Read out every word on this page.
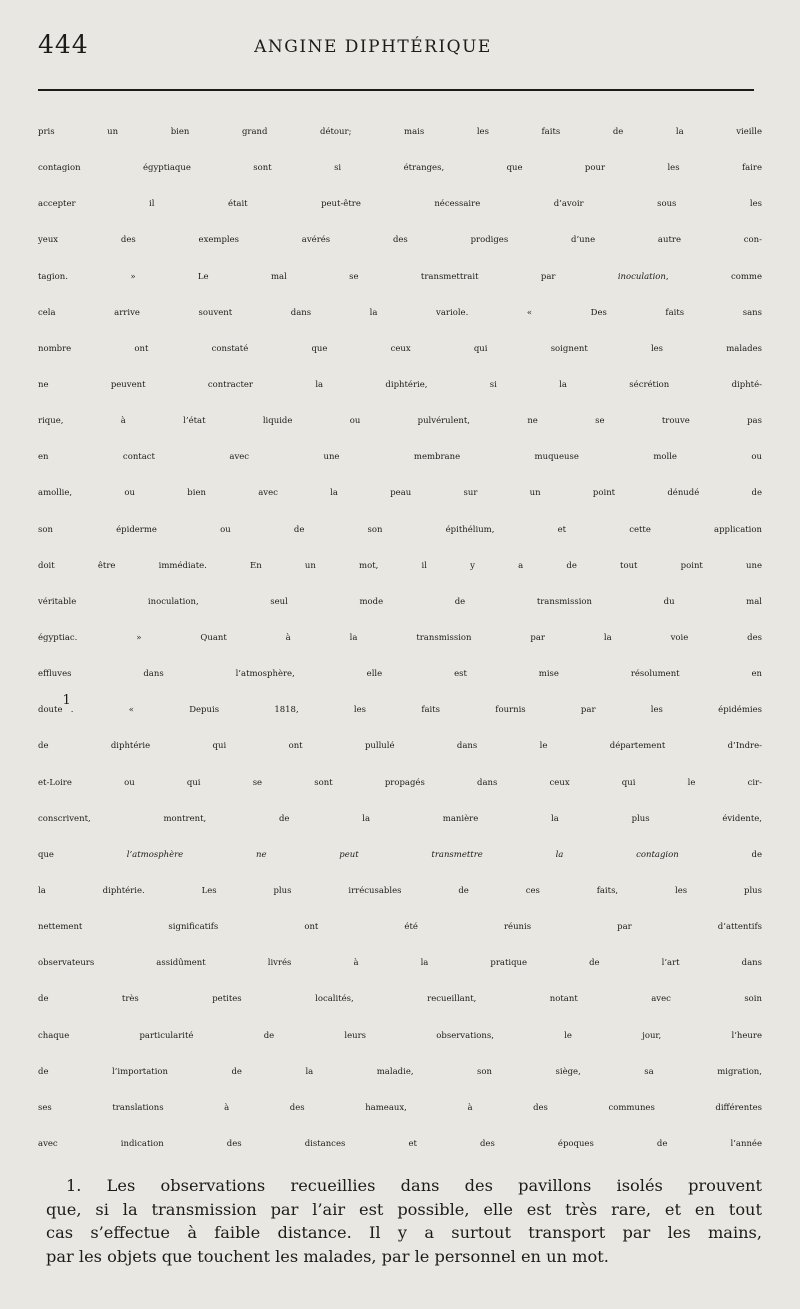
444	ANGINE DIPHTÉRIQUE
pris un bien grand détour; mais les faits de la vieille
contagion égyptiaque sont si étranges, que pour les faire
accepter il était peut-être nécessaire d’avoir sous les
yeux des exemples avérés des prodiges d’une autre con-
tagion. » Le mal se transmettrait par inoculation, comme
cela arrive souvent dans la variole. « Des faits sans
nombre ont constaté que ceux qui soignent les malades
ne peuvent contracter la diphtérie, si la sécrétion diphté-
rique, à l’état liquide ou pulvérulent, ne se trouve pas
en contact avec une membrane muqueuse molle ou
amollie, ou bien avec la peau sur un point dénudé de
son épiderme ou de son épithélium, et cette application
doit être immédiate. En un mot, il y a de tout point une
véritable inoculation, seul mode de transmission du mal
égyptiac. » Quant à la transmission par la voie des
effluves dans l’atmosphère, elle est mise résolument en
doute$^1$. « Depuis 1818, les faits fournis par les épidémies
de diphtérie qui ont pullulé dans le département d’Indre-
et-Loire ou qui se sont propagés dans ceux qui le cir-
conscrivent, montrent, de la manière la plus évidente,
que l’atmosphère ne peut transmettre la contagion de
la diphtérie. Les plus irrécusables de ces faits, les plus
nettement significatifs ont été réunis par d’attentifs
observateurs assidûment livrés à la pratique de l’art dans
de très petites localités, recueillant, notant avec soin
chaque particularité de leurs observations, le jour, l’heure
de l’importation de la maladie, son siège, sa migration,
ses translations à des hameaux, à des communes différentes
avec indication des distances et des époques de l’année
1. Les observations recueillies dans des pavillons isolés prouvent
que, si la transmission par l’air est possible, elle est très rare, et en tout
cas s’effectue à faible distance. Il y a surtout transport par les mains,
par les objets que touchent les malades, par le personnel en un mot.
